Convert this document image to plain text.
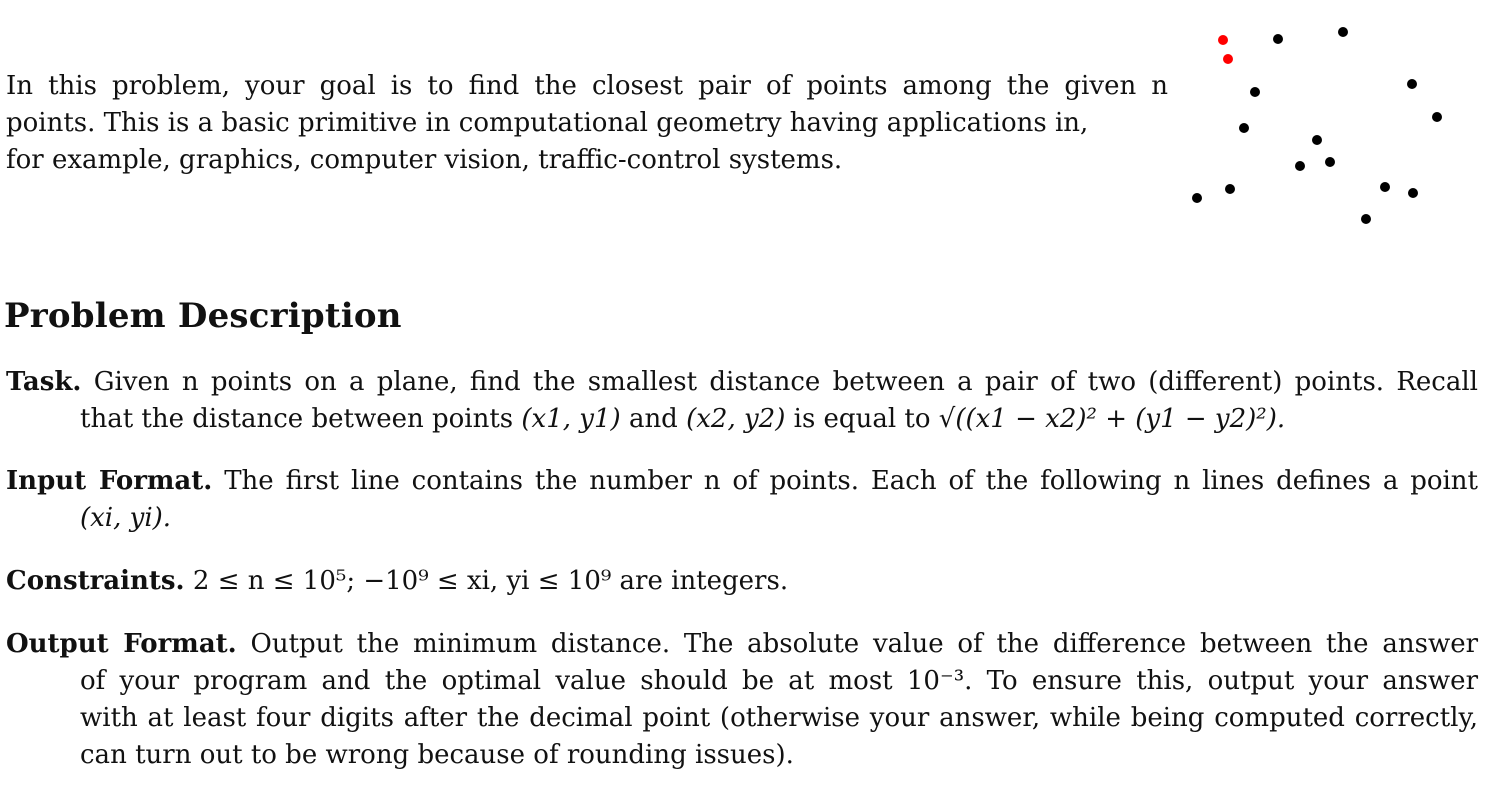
In this problem, your goal is to find the closest pair of points among the given n
points. This is a basic primitive in computational geometry having applications in,
for example, graphics, computer vision, traffic-control systems.
Problem Description
Task. Given n points on a plane, find the smallest distance between a pair of two (different) points. Recall
that the distance between points (x1, y1) and (x2, y2) is equal to √((x1 − x2)² + (y1 − y2)²).
Input Format. The first line contains the number n of points. Each of the following n lines defines a point
(xi, yi).
Constraints. 2 ≤ n ≤ 10⁵; −10⁹ ≤ xi, yi ≤ 10⁹ are integers.
Output Format. Output the minimum distance. The absolute value of the difference between the answer
of your program and the optimal value should be at most 10⁻³. To ensure this, output your answer
with at least four digits after the decimal point (otherwise your answer, while being computed correctly,
can turn out to be wrong because of rounding issues).
